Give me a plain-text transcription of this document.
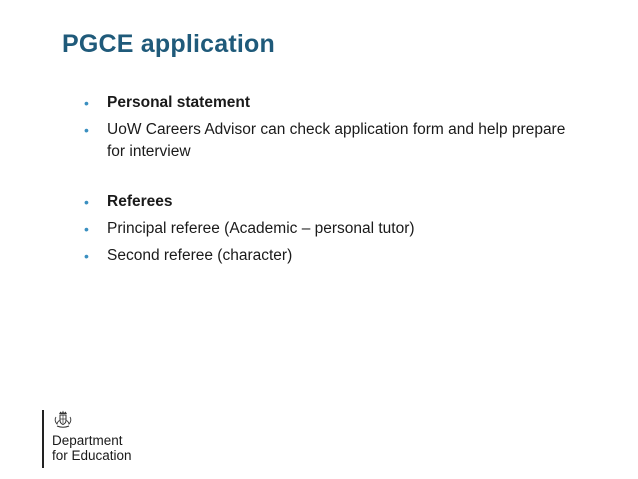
PGCE application
• Personal statement
• UoW Careers Advisor can check application form and help prepare for interview
• Referees
• Principal referee (Academic – personal tutor)
• Second referee (character)
Department
for Education
